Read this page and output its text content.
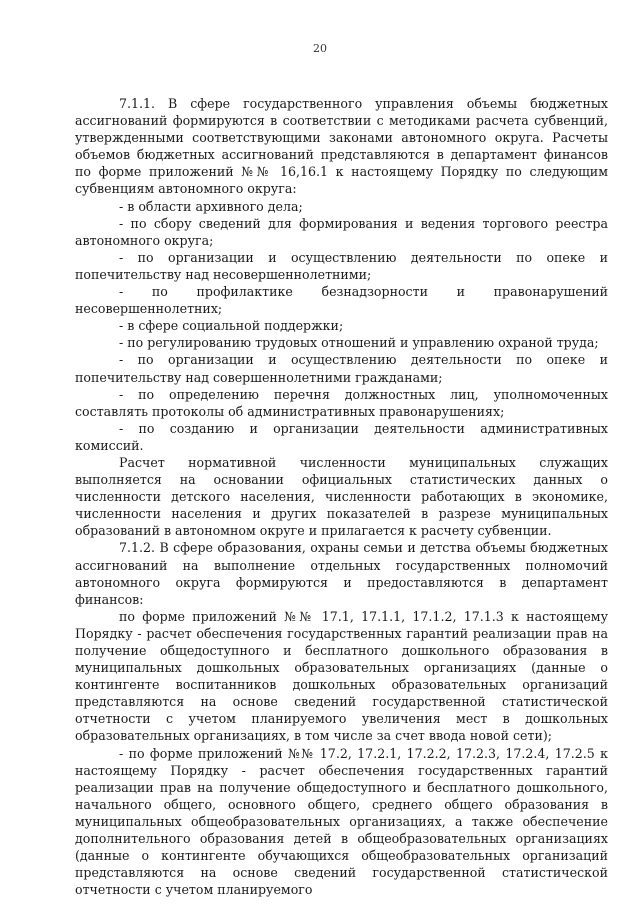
20

7.1.1. В сфере государственного управления объемы бюджетных ассигнований формируются в соответствии с методиками расчета субвенций, утвержденными соответствующими законами автономного округа. Расчеты объемов бюджетных ассигнований представляются в департамент финансов по форме приложений №№ 16,16.1 к настоящему Порядку по следующим субвенциям автономного округа:

- в области архивного дела;

- по сбору сведений для формирования и ведения торгового реестра автономного округа;

- по организации и осуществлению деятельности по опеке и попечительству над несовершеннолетними;

- по профилактике безнадзорности и правонарушений несовершеннолетних;

- в сфере социальной поддержки;

- по регулированию трудовых отношений и управлению охраной труда;

- по организации и осуществлению деятельности по опеке и попечительству над совершеннолетними гражданами;

- по определению перечня должностных лиц, уполномоченных составлять протоколы об административных правонарушениях;

- по созданию и организации деятельности административных комиссий.

Расчет нормативной численности муниципальных служащих выполняется на основании официальных статистических данных о численности детского населения, численности работающих в экономике, численности населения и других показателей в разрезе муниципальных образований в автономном округе и прилагается к расчету субвенции.

7.1.2. В сфере образования, охраны семьи и детства объемы бюджетных ассигнований на выполнение отдельных государственных полномочий автономного округа формируются и предоставляются в департамент финансов:

по форме приложений №№ 17.1, 17.1.1, 17.1.2, 17.1.3 к настоящему Порядку - расчет обеспечения государственных гарантий реализации прав на получение общедоступного и бесплатного дошкольного образования в муниципальных дошкольных образовательных организациях (данные о контингенте воспитанников дошкольных образовательных организаций представляются на основе сведений государственной статистической отчетности с учетом планируемого увеличения мест в дошкольных образовательных организациях, в том числе за счет ввода новой сети);

- по форме приложений №№ 17.2, 17.2.1, 17.2.2, 17.2.3, 17.2.4, 17.2.5 к настоящему Порядку - расчет обеспечения государственных гарантий реализации прав на получение общедоступного и бесплатного дошкольного, начального общего, основного общего, среднего общего образования в муниципальных общеобразовательных организациях, а также обеспечение дополнительного образования детей в общеобразовательных организациях (данные о контингенте обучающихся общеобразовательных организаций представляются на основе сведений государственной статистической отчетности с учетом планируемого
